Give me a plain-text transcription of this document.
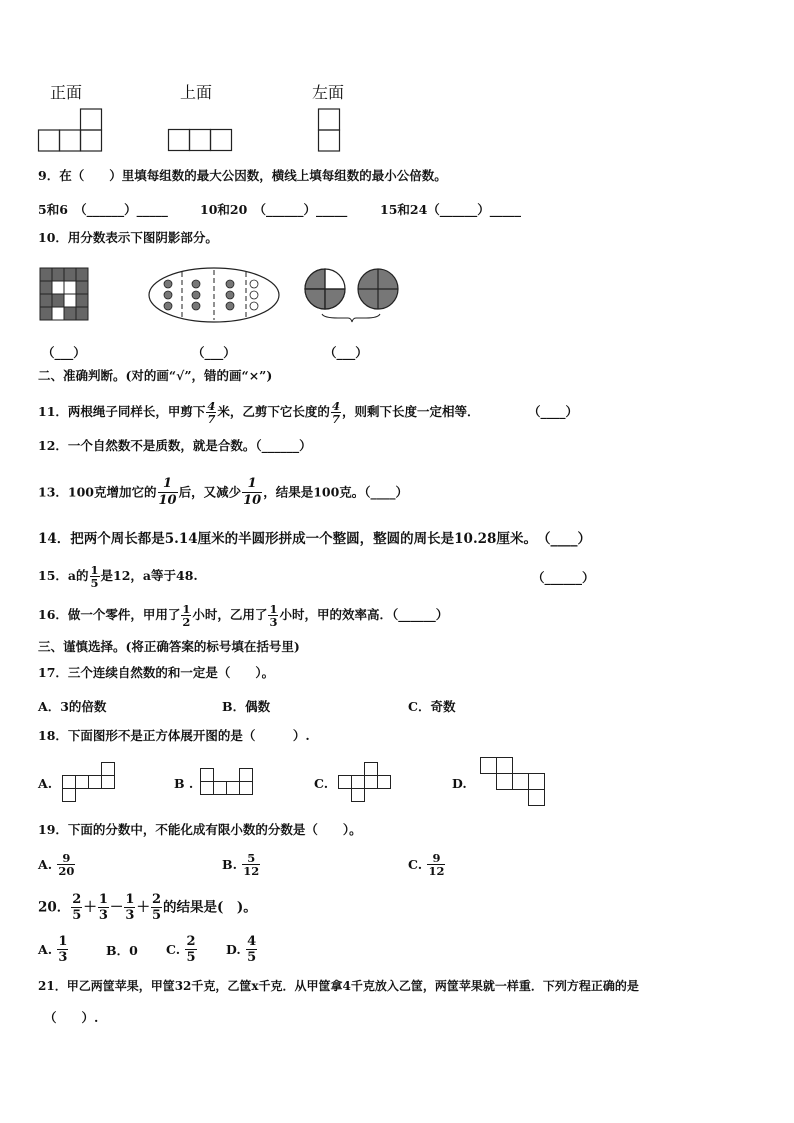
正面	上面	左面
9．在（　　）里填每组数的最大公因数，横线上填每组数的最小公倍数。
5和6　（______）_____	10和20　（______）_____	15和24（______）_____
10．用分数表示下图阴影部分。
（___）	（___）	（___）
二、准确判断。(对的画“√”，错的画“×”)
11．两根绳子同样长，甲剪下 $\frac{4}{7}$ 米，乙剪下它长度的 $\frac{4}{7}$ ，则剩下长度一定相等．	（____）
12．一个自然数不是质数，就是合数。（______）
13．100克增加它的 $\frac{1}{10}$ 后，又减少 $\frac{1}{10}$ ，结果是100克。（____）
14．把两个周长都是5.14厘米的半圆形拼成一个整圆，整圆的周长是10.28厘米。　（____）
15．a的 $\frac{1}{5}$ 是12，a等于48.	（______）
16．做一个零件，甲用了 $\frac{1}{2}$ 小时，乙用了 $\frac{1}{3}$ 小时，甲的效率高．（______）
三、谨慎选择。(将正确答案的标号填在括号里)
17．三个连续自然数的和一定是（　　）。
A．3的倍数	B．偶数	C．奇数
18．下面图形不是正方体展开图的是（　　　）.
A.	B .	C.	D.
19．下面的分数中，不能化成有限小数的分数是（　　）。
A. $\frac{9}{20}$	B. $\frac{5}{12}$	C. $\frac{9}{12}$
20． $\frac{2}{5} + \frac{1}{3} - \frac{1}{3} + \frac{2}{5}$ 的结果是(　)。
A. $\frac{1}{3}$	B．0 C. $\frac{2}{5} D$. $\frac{4}{5}$
21．甲乙两筐苹果，甲筐32千克，乙筐x千克．从甲筐拿4千克放入乙筐，两筐苹果就一样重．下列方程正确的是
（　　）.
